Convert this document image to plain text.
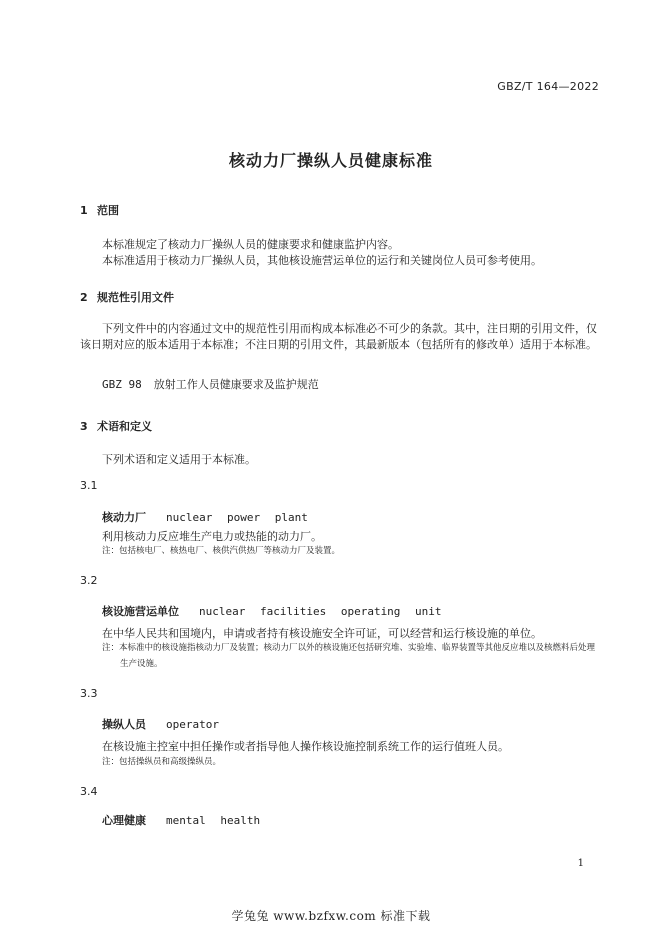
GBZ/T 164—2022
核动力厂操纵人员健康标准
1 范围
本标准规定了核动力厂操纵人员的健康要求和健康监护内容。
本标准适用于核动力厂操纵人员，其他核设施营运单位的运行和关键岗位人员可参考使用。
2 规范性引用文件
下列文件中的内容通过文中的规范性引用而构成本标准必不可少的条款。其中，注日期的引用文件，仅该日期对应的版本适用于本标准；不注日期的引用文件，其最新版本（包括所有的修改单）适用于本标准。
GBZ 98 放射工作人员健康要求及监护规范
3 术语和定义
下列术语和定义适用于本标准。
3.1
核动力厂 nuclear power plant
利用核动力反应堆生产电力或热能的动力厂。
注：包括核电厂、核热电厂、核供汽供热厂等核动力厂及装置。
3.2
核设施营运单位 nuclear facilities operating unit
在中华人民共和国境内，申请或者持有核设施安全许可证，可以经营和运行核设施的单位。
注：本标准中的核设施指核动力厂及装置；核动力厂以外的核设施还包括研究堆、实验堆、临界装置等其他反应堆以及核燃料后处理生产设施。
3.3
操纵人员 operator
在核设施主控室中担任操作或者指导他人操作核设施控制系统工作的运行值班人员。
注：包括操纵员和高级操纵员。
3.4
心理健康 mental health
1
学兔兔 www.bzfxw.com 标准下载
